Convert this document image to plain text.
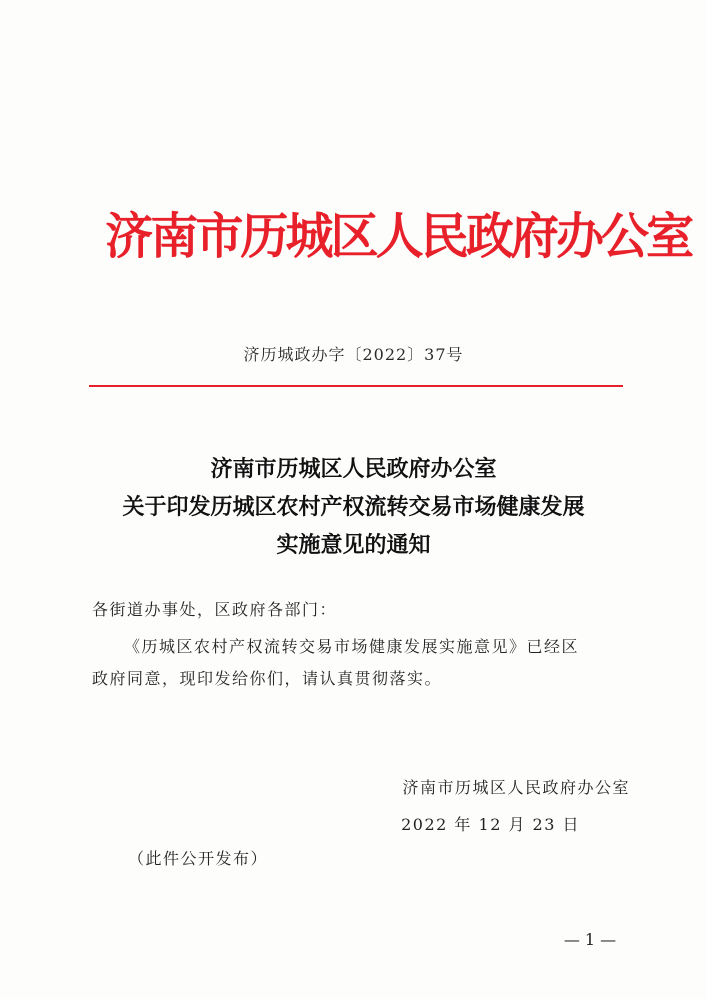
济南市历城区人民政府办公室
济历城政办字〔2022〕37号
济南市历城区人民政府办公室
关于印发历城区农村产权流转交易市场健康发展
实施意见的通知
各街道办事处，区政府各部门：
《历城区农村产权流转交易市场健康发展实施意见》已经区
政府同意，现印发给你们，请认真贯彻落实。
济南市历城区人民政府办公室
2022 年 12 月 23 日
（此件公开发布）
— 1 —
